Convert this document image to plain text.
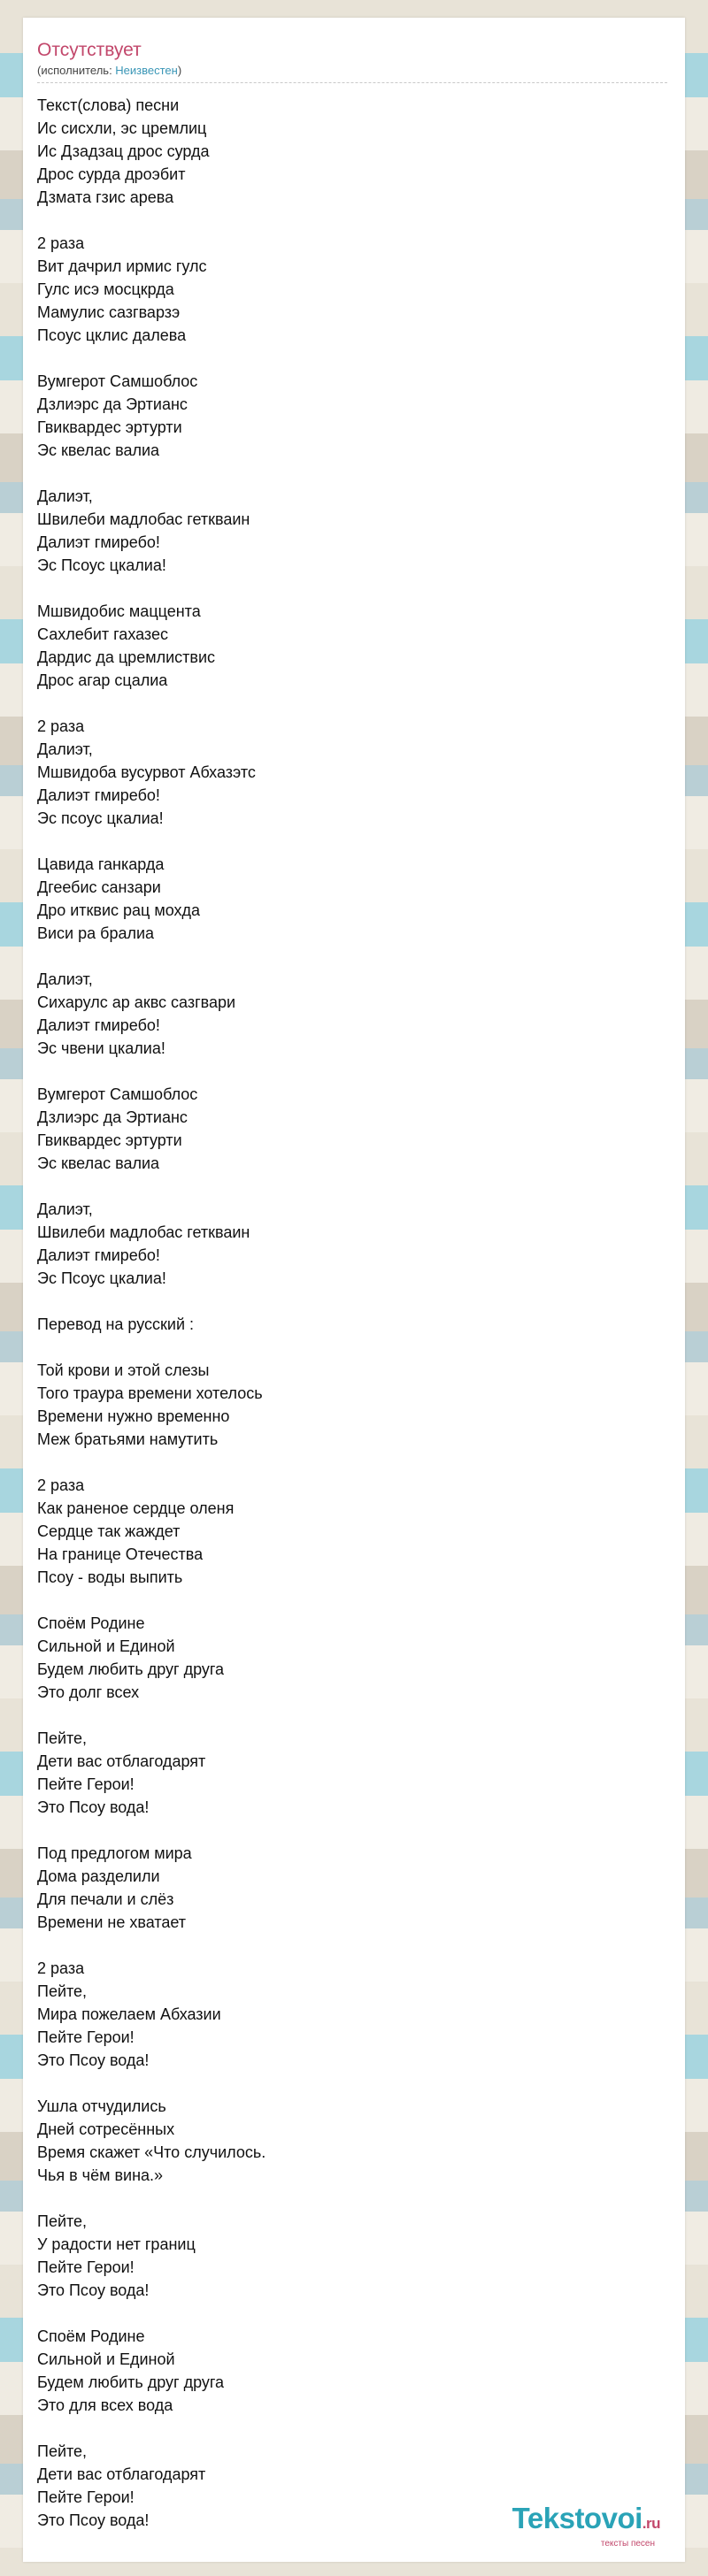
Отсутствует
(исполнитель: Неизвестен)
Текст(слова) песни
Ис сисхли, эс цремлиц
Ис Дзадзац дрос сурда
Дрос сурда дроэбит
Дзмата гзис арева

2 раза
Вит дачрил ирмис гулс
Гулс исэ мосцкрда
Мамулис сазгварзэ
Псоус цклис далева

Вумгерот Самшоблос
Дзлиэрс да Эртианс
Гвиквардес эртурти
Эс квелас валиа

Далиэт,
Швилеби мадлобас геткваин
Далиэт гмиребо!
Эс Псоус цкалиа!

Мшвидобис маццента
Сахлебит гахазес
Дардис да цремлиствис
Дрос агар сцалиа

2 раза
Далиэт,
Мшвидоба вусурвот Абхазэтс
Далиэт гмиребо!
Эс псоус цкалиа!

Цавида ганкарда
Дгеебис санзари
Дро итквис рац мохда
Виси ра бралиа

Далиэт,
Сихарулс ар аквс сазгвари
Далиэт гмиребо!
Эс чвени цкалиа!

Вумгерот Самшоблос
Дзлиэрс да Эртианс
Гвиквардес эртурти
Эс квелас валиа

Далиэт,
Швилеби мадлобас геткваин
Далиэт гмиребо!
Эс Псоус цкалиа!

Перевод на русский :

Той крови и этой слезы
Того траура времени хотелось
Времени нужно временно
Меж братьями намутить

2 раза
Как раненое сердце оленя
Сердце так жаждет
На границе Отечества
Псоу - воды выпить

Споём Родине
Сильной и Единой
Будем любить друг друга
Это долг всех

Пейте,
Дети вас отблагодарят
Пейте Герои!
Это Псоу вода!

Под предлогом мира
Дома разделили
Для печали и слёз
Времени не хватает

2 раза
Пейте,
Мира пожелаем Абхазии
Пейте Герои!
Это Псоу вода!

Ушла отчудились
Дней сотресённых
Время скажет «Что случилось.
Чья в чём вина.»

Пейте,
У радости нет границ
Пейте Герои!
Это Псоу вода!

Споём Родине
Сильной и Единой
Будем любить друг друга
Это для всех вода

Пейте,
Дети вас отблагодарят
Пейте Герои!
Это Псоу вода!	Tekstovoi.ru
тексты песен
